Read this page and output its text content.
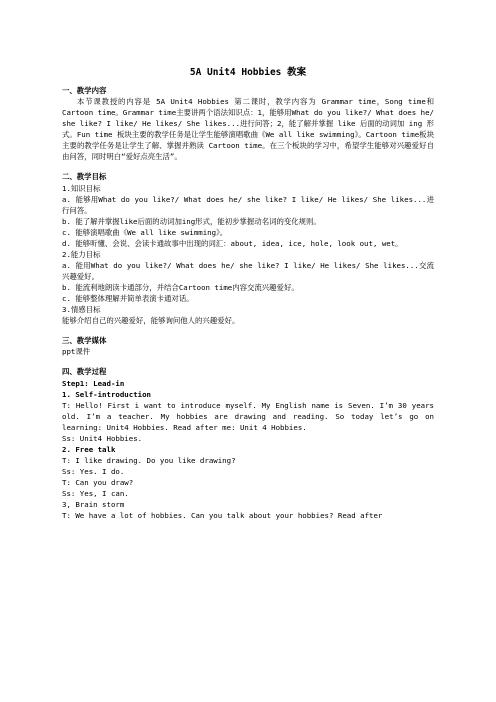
5A Unit4 Hobbies 教案
一、教学内容
本节课教授的内容是 5A Unit4 Hobbies 第二课时，教学内容为 Grammar time，Song time和Cartoon time。Grammar time主要讲两个语法知识点：1，能够用What do you like?/ What does he/ she like? I like/ He likes/ She likes...进行问答；2，能了解并掌握 like 后面的动词加 ing 形式。Fun time 板块主要的教学任务是让学生能够演唱歌曲《We all like swimming》。Cartoon time板块主要的教学任务是让学生了解、掌握并熟读 Cartoon time。在三个板块的学习中，希望学生能够对兴趣爱好自由问答，同时明白“爱好点亮生活”。
二、教学目标
1.知识目标
a. 能够用What do you like?/ What does he/ she like? I like/ He likes/ She likes...进行问答。
b. 能了解并掌握like后面的动词加ing形式，能初步掌握动名词的变化规则。
c. 能够演唱歌曲《We all like swimming》。
d. 能够听懂、会说、会读卡通故事中出现的词汇：about, idea, ice, hole, look out, wet。
2.能力目标
a. 能用What do you like?/ What does he/ she like? I like/ He likes/ She likes...交流兴趣爱好。
b. 能流利地朗读卡通部分，并结合Cartoon time内容交流兴趣爱好。
c. 能够整体理解并简单表演卡通对话。
3.情感目标
能够介绍自己的兴趣爱好，能够询问他人的兴趣爱好。
三、教学媒体
ppt课件
四、教学过程
Step1: Lead-in
1. Self-introduction
T: Hello! First i want to introduce myself. My English name is Seven. I’m 30 years old. I’m a teacher. My hobbies are drawing and reading. So today let’s go on learning: Unit4 Hobbies. Read after me: Unit 4 Hobbies.
Ss: Unit4 Hobbies.
2. Free talk
T: I like drawing. Do you like drawing?
Ss: Yes. I do.
T: Can you draw?
Ss: Yes, I can.
3, Brain storm
T: We have a lot of hobbies. Can you talk about your hobbies? Read after
